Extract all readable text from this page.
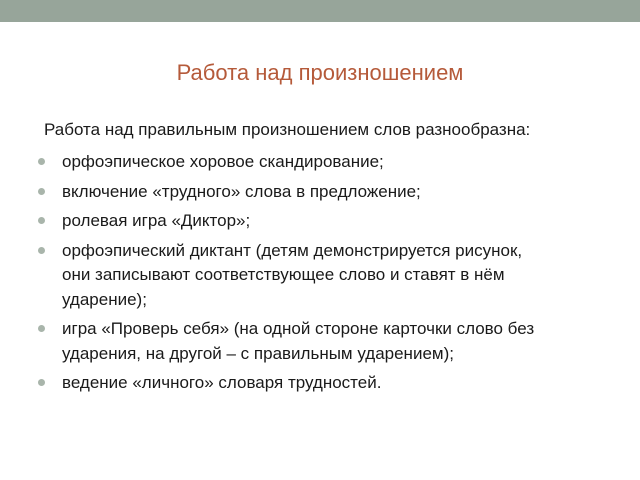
Работа над произношением
Работа над правильным произношением слов разнообразна:
орфоэпическое хоровое скандирование;
включение «трудного» слова в предложение;
ролевая игра «Диктор»;
орфоэпический диктант (детям демонстрируется рисунок,
они записывают соответствующее слово и ставят в нём
ударение);
игра «Проверь себя» (на одной стороне карточки слово без
ударения, на другой – с правильным ударением);
ведение «личного» словаря трудностей.
